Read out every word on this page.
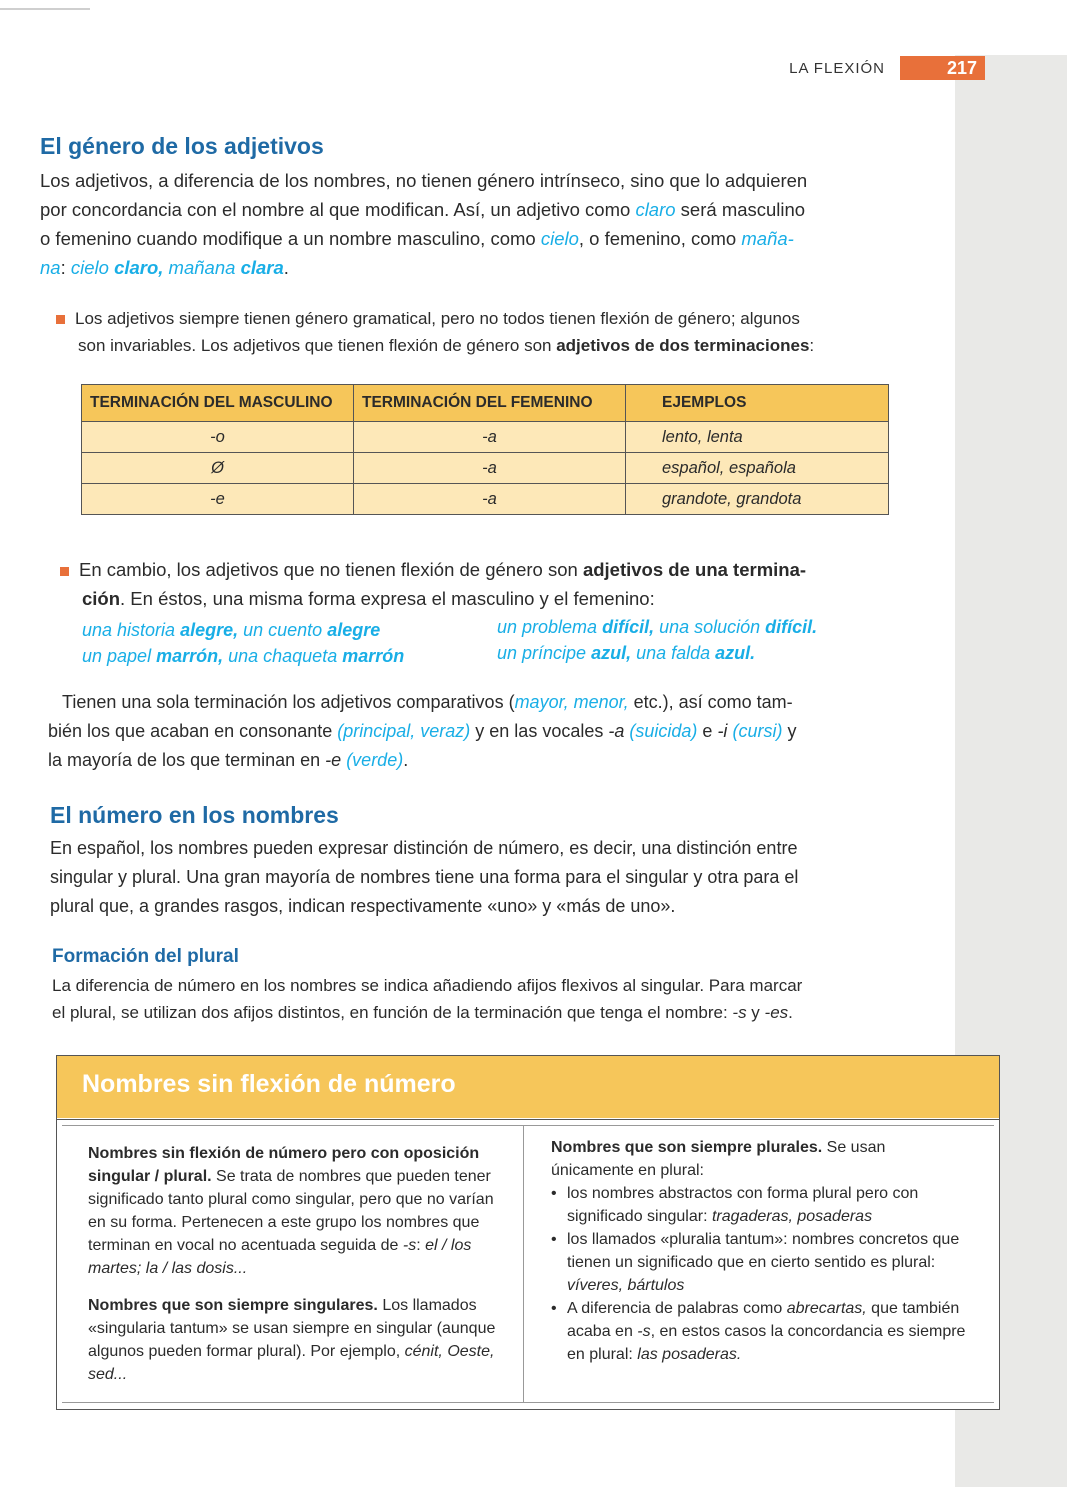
LA FLEXIÓN	217
El género de los adjetivos
Los adjetivos, a diferencia de los nombres, no tienen género intrínseco, sino que lo adquieren
por concordancia con el nombre al que modifican. Así, un adjetivo como claro será masculino
o femenino cuando modifique a un nombre masculino, como cielo, o femenino, como maña-
na: cielo claro, mañana clara.
Los adjetivos siempre tienen género gramatical, pero no todos tienen flexión de género; algunos
son invariables. Los adjetivos que tienen flexión de género son adjetivos de dos terminaciones:
TERMINACIÓN DEL MASCULINO	TERMINACIÓN DEL FEMENINO	EJEMPLOS
-o	-a	lento, lenta
Ø	-a	español, española
-e	-a	grandote, grandota
En cambio, los adjetivos que no tienen flexión de género son adjetivos de una termina-
ción. En éstos, una misma forma expresa el masculino y el femenino:
una historia alegre, un cuento alegre
un papel marrón, una chaqueta marrón
un problema difícil, una solución difícil.
un príncipe azul, una falda azul.
Tienen una sola terminación los adjetivos comparativos (mayor, menor, etc.), así como tam-
bién los que acaban en consonante (principal, veraz) y en las vocales -a (suicida) e -i (cursi) y
la mayoría de los que terminan en -e (verde).
El número en los nombres
En español, los nombres pueden expresar distinción de número, es decir, una distinción entre
singular y plural. Una gran mayoría de nombres tiene una forma para el singular y otra para el
plural que, a grandes rasgos, indican respectivamente «uno» y «más de uno».
Formación del plural
La diferencia de número en los nombres se indica añadiendo afijos flexivos al singular. Para marcar
el plural, se utilizan dos afijos distintos, en función de la terminación que tenga el nombre: -s y -es.
Nombres sin flexión de número

Nombres sin flexión de número pero con oposición singular / plural. Se trata de nombres que pueden tener significado tanto plural como singular, pero que no varían en su forma. Pertenecen a este grupo los nombres que terminan en vocal no acentuada seguida de -s: el / los martes; la / las dosis...

Nombres que son siempre singulares. Los llamados «singularia tantum» se usan siempre en singular (aunque algunos pueden formar plural). Por ejemplo, cénit, Oeste, sed...

Nombres que son siempre plurales. Se usan únicamente en plural:

• los nombres abstractos con forma plural pero con significado singular: tragaderas, posaderas
• los llamados «pluralia tantum»: nombres concretos que tienen un significado que en cierto sentido es plural: víveres, bártulos
• A diferencia de palabras como abrecartas, que también acaba en -s, en estos casos la concordancia es siempre en plural: las posaderas.
